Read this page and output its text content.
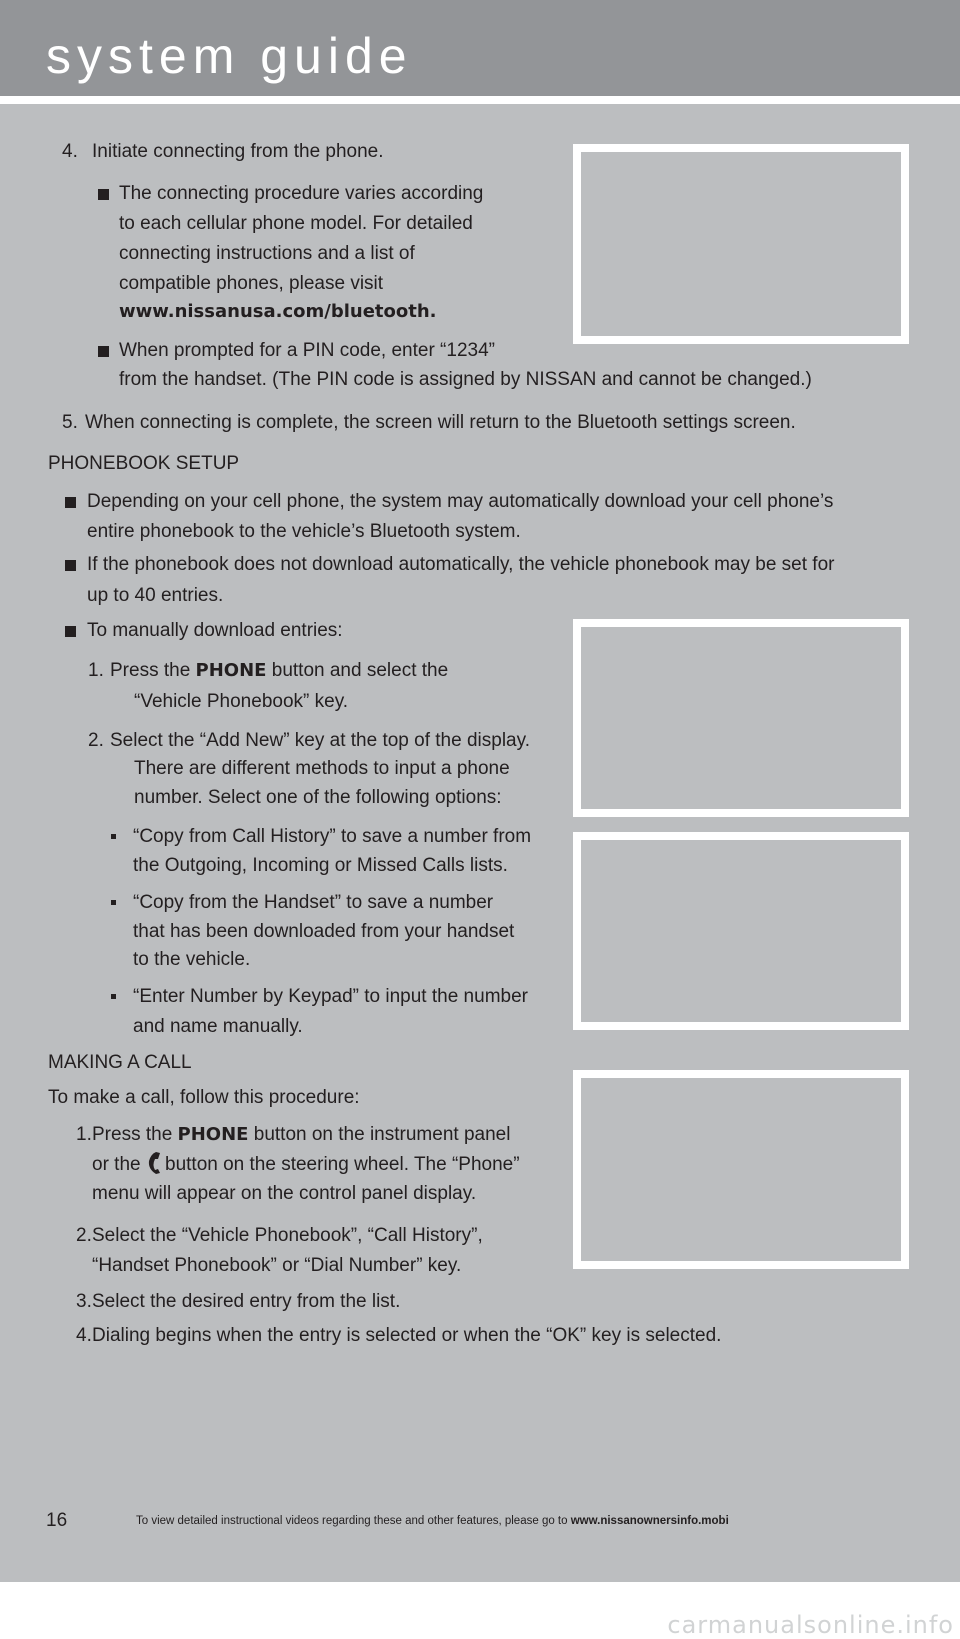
system guide
4. Initiate connecting from the phone.
The connecting procedure varies according
to each cellular phone model. For detailed
connecting instructions and a list of
compatible phones, please visit
www.nissanusa.com/bluetooth.
When prompted for a PIN code, enter “1234”
from the handset. (The PIN code is assigned by NISSAN and cannot be changed.)
5. When connecting is complete, the screen will return to the Bluetooth settings screen.
PHONEBOOK SETUP
Depending on your cell phone, the system may automatically download your cell phone’s
entire phonebook to the vehicle’s Bluetooth system.
If the phonebook does not download automatically, the vehicle phonebook may be set for
up to 40 entries.
To manually download entries:
1. Press the PHONE button and select the
“Vehicle Phonebook” key.
2. Select the “Add New” key at the top of the display.
There are different methods to input a phone
number. Select one of the following options:
“Copy from Call History” to save a number from
the Outgoing, Incoming or Missed Calls lists.
“Copy from the Handset” to save a number
that has been downloaded from your handset
to the vehicle.
“Enter Number by Keypad” to input the number
and name manually.
MAKING A CALL
To make a call, follow this procedure:
1. Press the PHONE button on the instrument panel
or the button on the steering wheel. The “Phone”
menu will appear on the control panel display.
2. Select the “Vehicle Phonebook”, “Call History”,
“Handset Phonebook” or “Dial Number” key.
3. Select the desired entry from the list.
4. Dialing begins when the entry is selected or when the “OK” key is selected.
16	To view detailed instructional videos regarding these and other features, please go to www.nissanownersinfo.mobi
carmanualsonline.info
